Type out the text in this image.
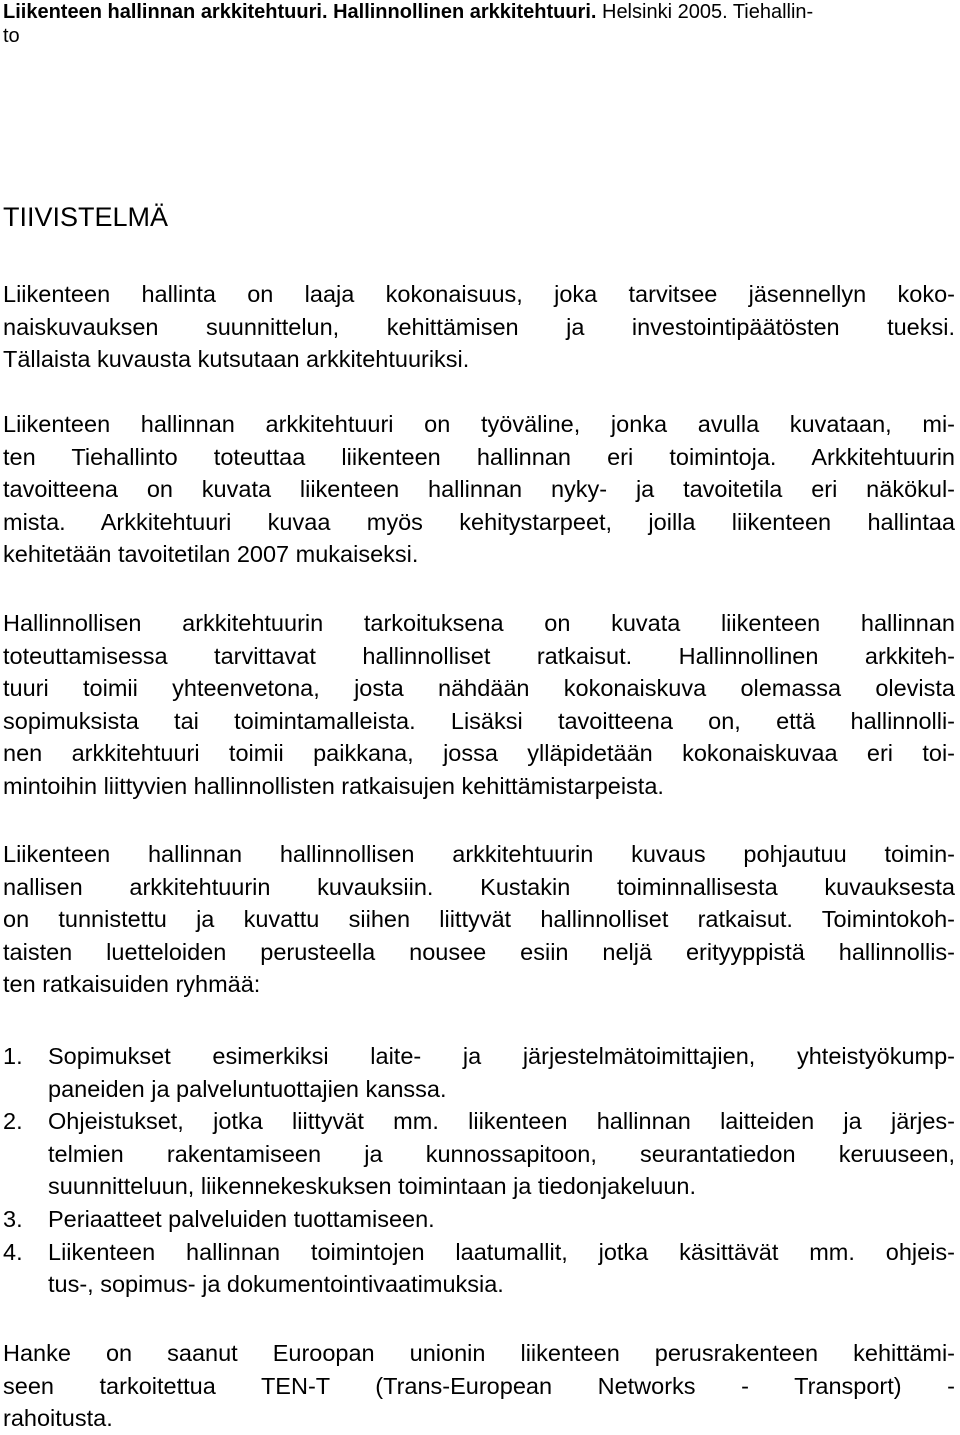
Liikenteen hallinnan arkkitehtuuri. Hallinnollinen arkkitehtuuri. Helsinki 2005. Tiehallin-
to
TIIVISTELMÄ

Liikenteen hallinta on laaja kokonaisuus, joka tarvitsee jäsennellyn koko-
naiskuvauksen suunnittelun, kehittämisen ja investointipäätösten tueksi.
Tällaista kuvausta kutsutaan arkkitehtuuriksi.

Liikenteen hallinnan arkkitehtuuri on työväline, jonka avulla kuvataan, mi-
ten Tiehallinto toteuttaa liikenteen hallinnan eri toimintoja. Arkkitehtuurin
tavoitteena on kuvata liikenteen hallinnan nyky- ja tavoitetila eri näkökul-
mista. Arkkitehtuuri kuvaa myös kehitystarpeet, joilla liikenteen hallintaa
kehitetään tavoitetilan 2007 mukaiseksi.

Hallinnollisen arkkitehtuurin tarkoituksena on kuvata liikenteen hallinnan
toteuttamisessa tarvittavat hallinnolliset ratkaisut. Hallinnollinen arkkiteh-
tuuri toimii yhteenvetona, josta nähdään kokonaiskuva olemassa olevista
sopimuksista tai toimintamalleista. Lisäksi tavoitteena on, että hallinnolli-
nen arkkitehtuuri toimii paikkana, jossa ylläpidetään kokonaiskuvaa eri toi-
mintoihin liittyvien hallinnollisten ratkaisujen kehittämistarpeista.

Liikenteen hallinnan hallinnollisen arkkitehtuurin kuvaus pohjautuu toimin-
nallisen arkkitehtuurin kuvauksiin. Kustakin toiminnallisesta kuvauksesta
on tunnistettu ja kuvattu siihen liittyvät hallinnolliset ratkaisut. Toimintokoh-
taisten luetteloiden perusteella nousee esiin neljä erityyppistä hallinnollis-
ten ratkaisuiden ryhmää:

1. Sopimukset esimerkiksi laite- ja järjestelmätoimittajien, yhteistyökump-
paneiden ja palveluntuottajien kanssa.
2. Ohjeistukset, jotka liittyvät mm. liikenteen hallinnan laitteiden ja järjes-
telmien rakentamiseen ja kunnossapitoon, seurantatiedon keruuseen,
suunnitteluun, liikennekeskuksen toimintaan ja tiedonjakeluun.
3. Periaatteet palveluiden tuottamiseen.
4. Liikenteen hallinnan toimintojen laatumallit, jotka käsittävät mm. ohjeis-
tus-, sopimus- ja dokumentointivaatimuksia.

Hanke on saanut Euroopan unionin liikenteen perusrakenteen kehittämi-
seen tarkoitettua TEN-T (Trans-European Networks - Transport) -
rahoitusta.
